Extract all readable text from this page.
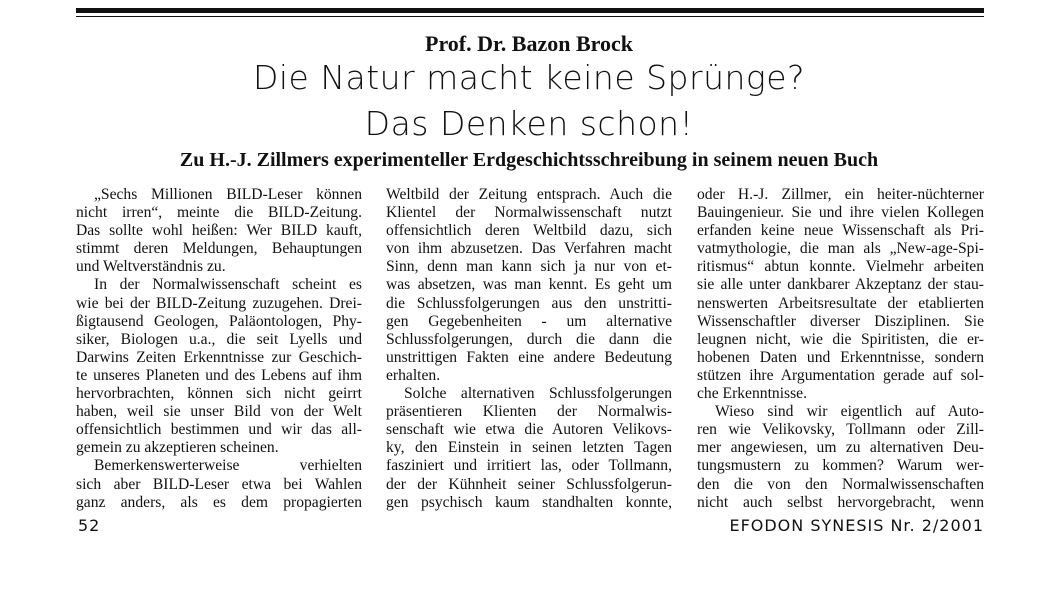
Prof. Dr. Bazon Brock
Die Natur macht keine Sprünge?
Das Denken schon!
Zu H.-J. Zillmers experimenteller Erdgeschichtsschreibung in seinem neuen Buch
„Sechs Millionen BILD-Leser können
nicht irren“, meinte die BILD-Zeitung.
Das sollte wohl heißen: Wer BILD kauft,
stimmt deren Meldungen, Behauptungen
und Weltverständnis zu.
In der Normalwissenschaft scheint es
wie bei der BILD-Zeitung zuzugehen. Drei-
ßigtausend Geologen, Paläontologen, Phy-
siker, Biologen u.a., die seit Lyells und
Darwins Zeiten Erkenntnisse zur Geschich-
te unseres Planeten und des Lebens auf ihm
hervorbrachten, können sich nicht geirrt
haben, weil sie unser Bild von der Welt
offensichtlich bestimmen und wir das all-
gemein zu akzeptieren scheinen.
Bemerkenswerterweise verhielten
sich aber BILD-Leser etwa bei Wahlen
ganz anders, als es dem propagierten
Weltbild der Zeitung entsprach. Auch die
Klientel der Normalwissenschaft nutzt
offensichtlich deren Weltbild dazu, sich
von ihm abzusetzen. Das Verfahren macht
Sinn, denn man kann sich ja nur von et-
was absetzen, was man kennt. Es geht um
die Schlussfolgerungen aus den unstritti-
gen Gegebenheiten - um alternative
Schlussfolgerungen, durch die dann die
unstrittigen Fakten eine andere Bedeutung
erhalten.
Solche alternativen Schlussfolgerungen
präsentieren Klienten der Normalwis-
senschaft wie etwa die Autoren Velikovs-
ky, den Einstein in seinen letzten Tagen
fasziniert und irritiert las, oder Tollmann,
der der Kühnheit seiner Schlussfolgerun-
gen psychisch kaum standhalten konnte,
oder H.-J. Zillmer, ein heiter-nüchterner
Bauingenieur. Sie und ihre vielen Kollegen
erfanden keine neue Wissenschaft als Pri-
vatmythologie, die man als „New-age-Spi-
ritismus“ abtun konnte. Vielmehr arbeiten
sie alle unter dankbarer Akzeptanz der stau-
nenswerten Arbeitsresultate der etablierten
Wissenschaftler diverser Disziplinen. Sie
leugnen nicht, wie die Spiritisten, die er-
hobenen Daten und Erkenntnisse, sondern
stützen ihre Argumentation gerade auf sol-
che Erkenntnisse.
Wieso sind wir eigentlich auf Auto-
ren wie Velikovsky, Tollmann oder Zill-
mer angewiesen, um zu alternativen Deu-
tungsmustern zu kommen? Warum wer-
den die von den Normalwissenschaften
nicht auch selbst hervorgebracht, wenn
52	EFODON SYNESIS Nr. 2/2001
